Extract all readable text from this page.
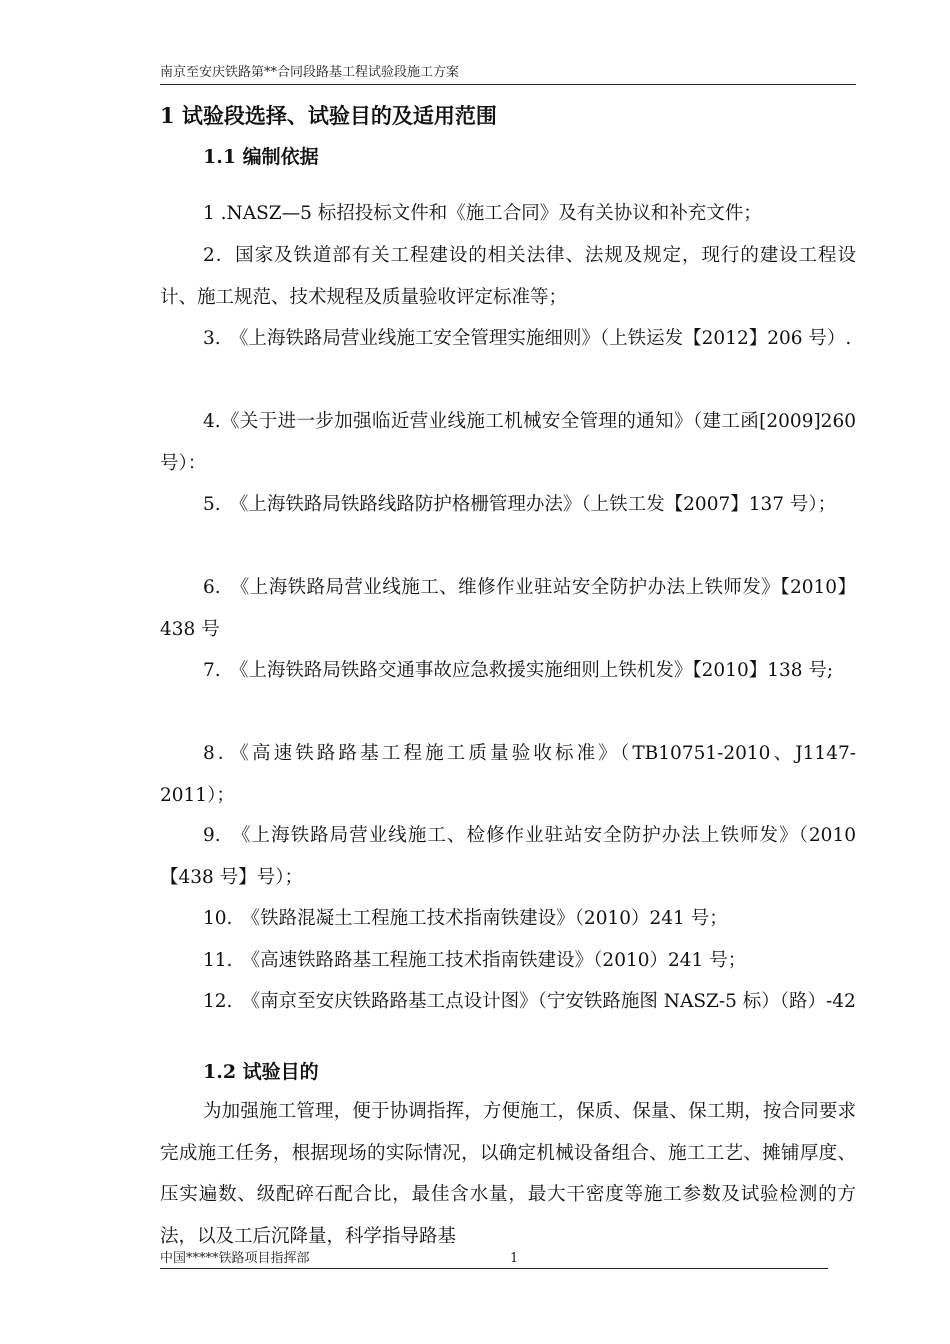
南京至安庆铁路第**合同段路基工程试验段施工方案
1 试验段选择、试验目的及适用范围
1.1 编制依据
1 .NASZ—5 标招投标文件和《施工合同》及有关协议和补充文件；
2．国家及铁道部有关工程建设的相关法律、法规及规定，现行的建设工程设计、施工规范、技术规程及质量验收评定标准等；
3.　《上海铁路局营业线施工安全管理实施细则》（上铁运发【2012】206 号）.
4.《关于进一步加强临近营业线施工机械安全管理的通知》（建工函[2009]260 号）：
5.　《上海铁路局铁路线路防护格栅管理办法》（上铁工发【2007】137 号）；
6.　《上海铁路局营业线施工、维修作业驻站安全防护办法上铁师发》【2010】438 号
7.　《上海铁路局铁路交通事故应急救援实施细则上铁机发》【2010】138 号;
8．《高速铁路路基工程施工质量验收标准》（TB10751-2010、J1147-2011）；
9.　《上海铁路局营业线施工、检修作业驻站安全防护办法上铁师发》（2010【438 号】号）；
10.　《铁路混凝土工程施工技术指南铁建设》（2010）241 号；
11.　《高速铁路路基工程施工技术指南铁建设》（2010）241 号；
12.　《南京至安庆铁路路基工点设计图》（宁安铁路施图 NASZ-5 标）（路）-42
1.2 试验目的
为加强施工管理，便于协调指挥，方便施工，保质、保量、保工期，按合同要求完成施工任务，根据现场的实际情况，以确定机械设备组合、施工工艺、摊铺厚度、压实遍数、级配碎石配合比，最佳含水量，最大干密度等施工参数及试验检测的方法，以及工后沉降量，科学指导路基
中国*****铁路项目指挥部	1
